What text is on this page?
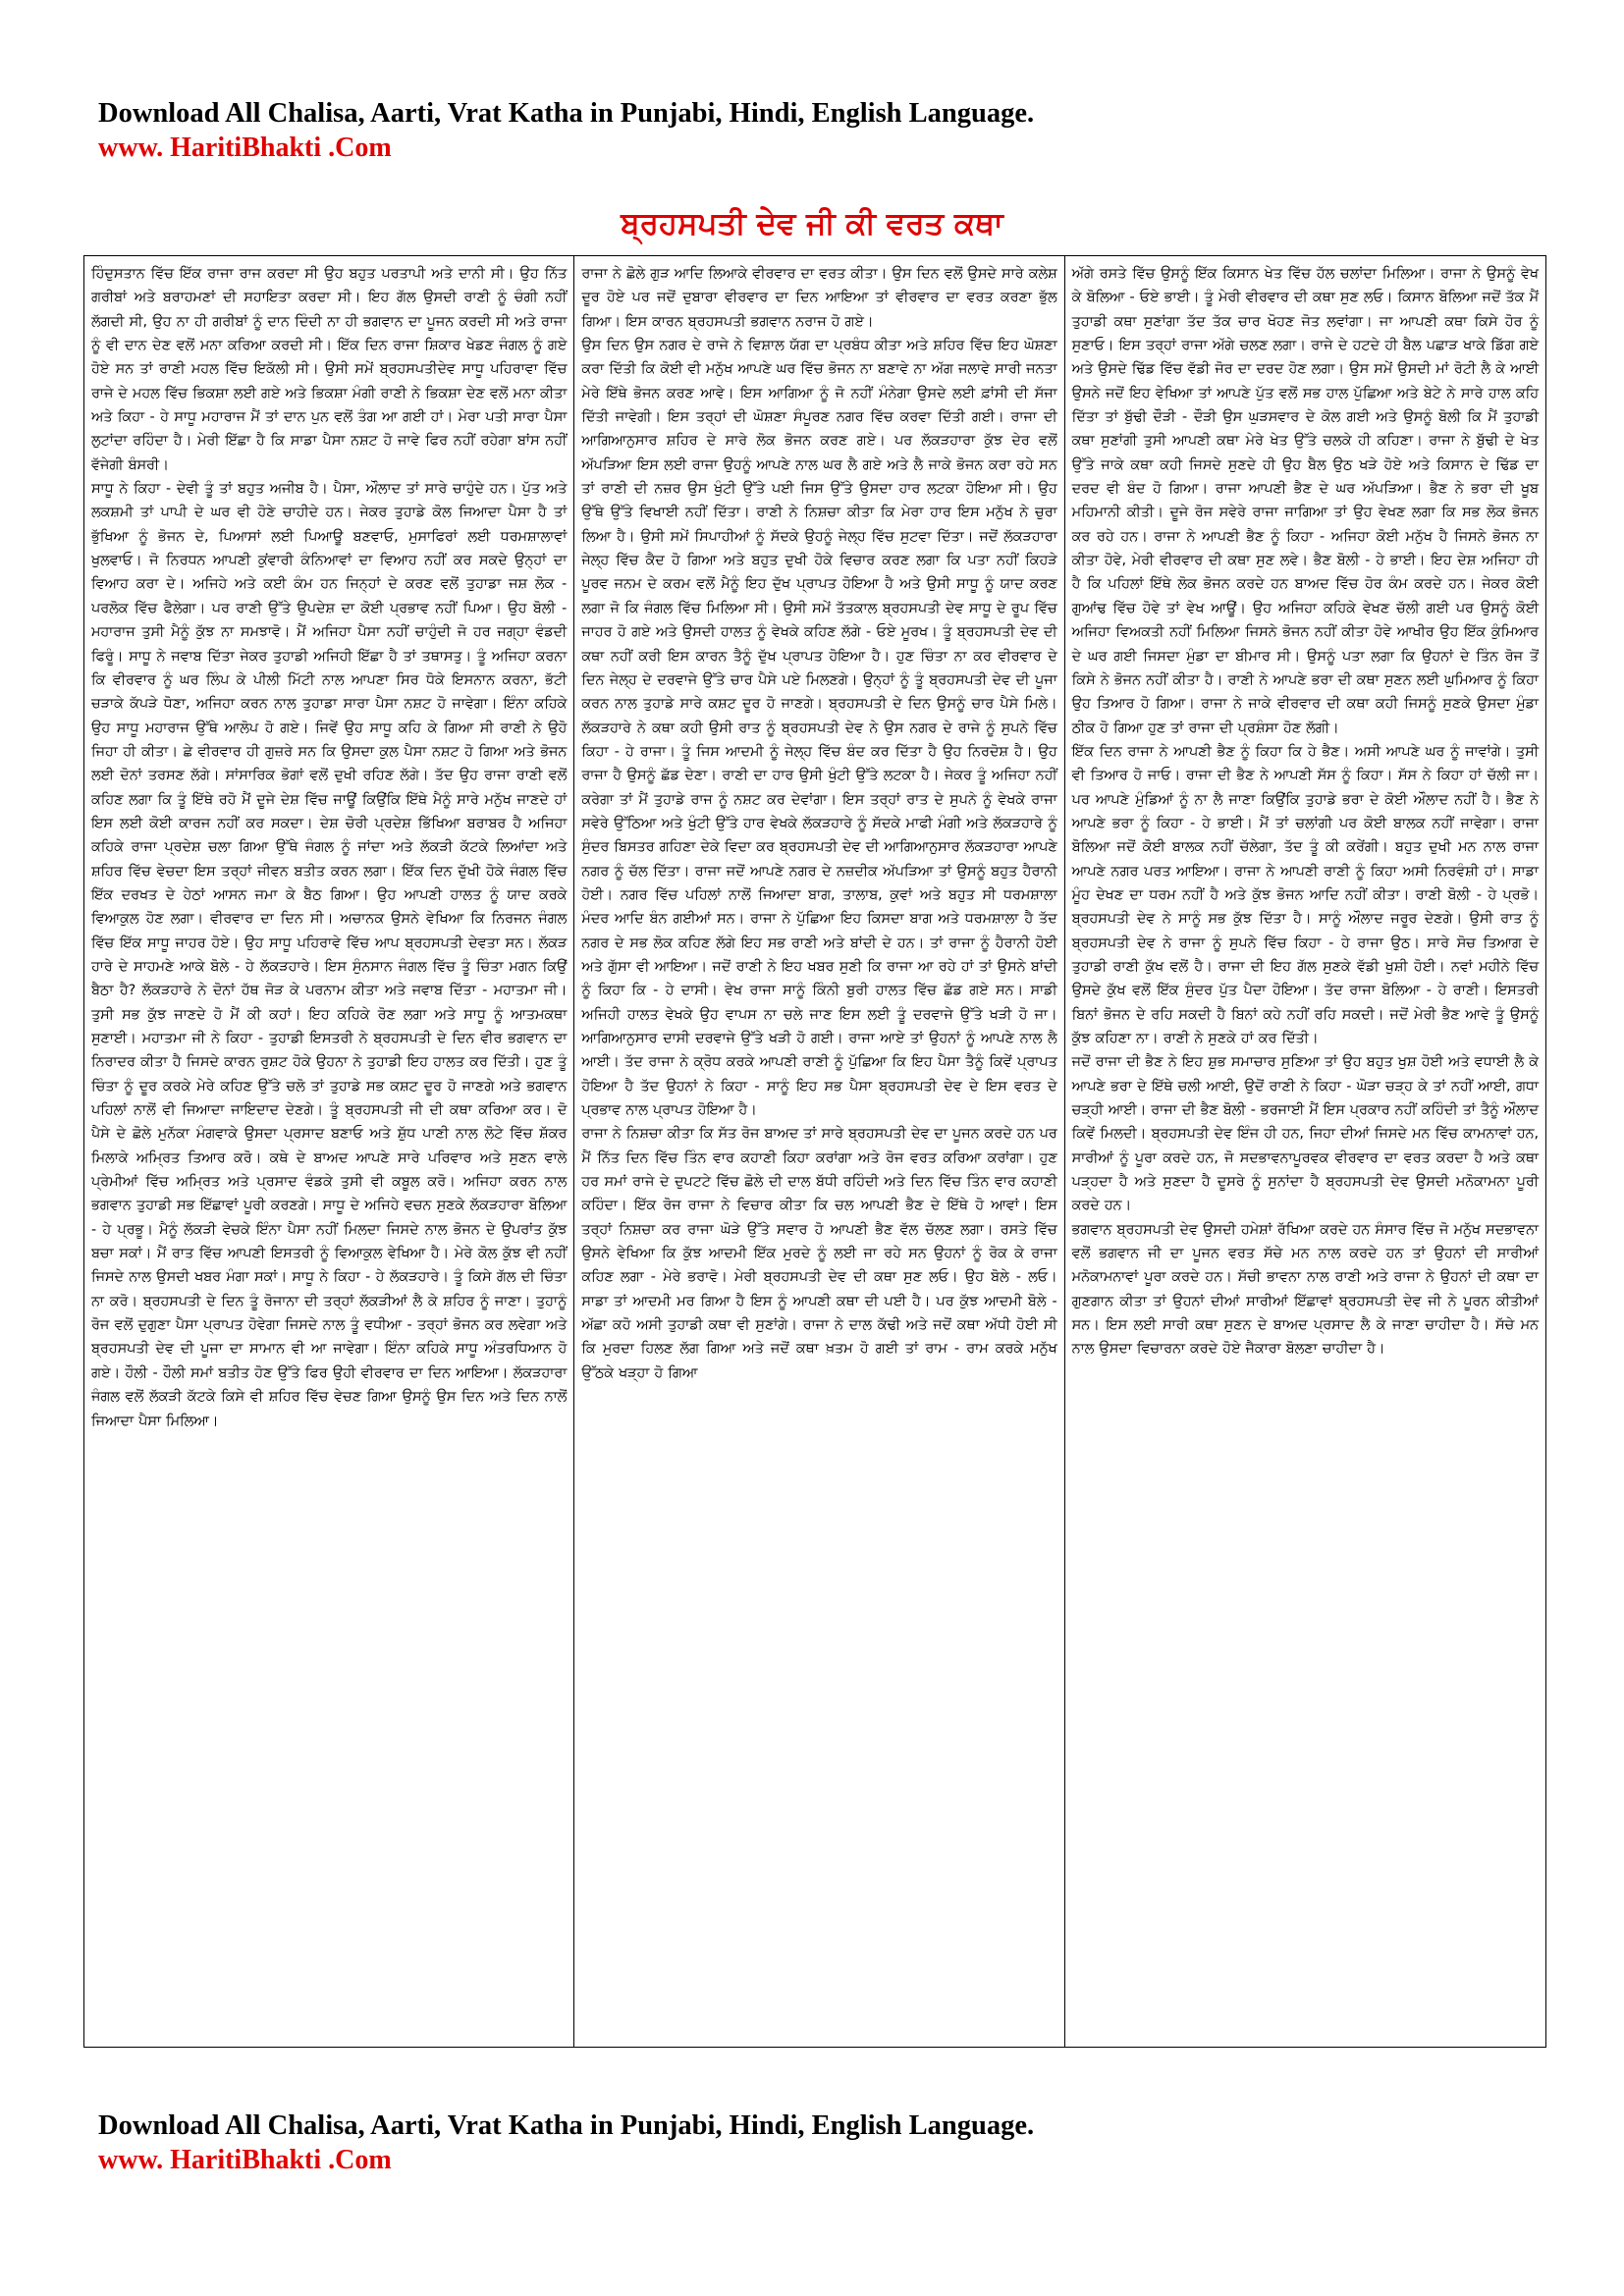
Download All Chalisa, Aarti, Vrat Katha in Punjabi, Hindi, English Language.
www. HaritiBhakti .Com
ਬ੍ਰਹਸਪਤੀ ਦੇਵ ਜੀ ਕੀ ਵਰਤ ਕਥਾ

ਹਿੰਦੁਸਤਾਨ ਵਿੱਚ ਇੱਕ ਰਾਜਾ ਰਾਜ ਕਰਦਾ ਸੀ ਉਹ ਬਹੁਤ ਪਰਤਾਪੀ ਅਤੇ ਦਾਨੀ ਸੀ। ਉਹ ਨਿੱਤ ਗਰੀਬਾਂ ਅਤੇ ਬਰਾਹਮਣਾਂ ਦੀ ਸਹਾਇਤਾ ਕਰਦਾ ਸੀ। ਇਹ ਗੱਲ ਉਸਦੀ ਰਾਣੀ ਨੂੰ ਚੰਗੀ ਨਹੀਂ ਲੱਗਦੀ ਸੀ, ਉਹ ਨਾ ਹੀ ਗਰੀਬਾਂ ਨੂੰ ਦਾਨ ਦਿੰਦੀ ਨਾ ਹੀ ਭਗਵਾਨ ਦਾ ਪੂਜਨ ਕਰਦੀ ਸੀ ਅਤੇ ਰਾਜਾ ਨੂੰ ਵੀ ਦਾਨ ਦੇਣ ਵਲੋਂ ਮਨਾ ਕਰਿਆ ਕਰਦੀ ਸੀ। ਇੱਕ ਦਿਨ ਰਾਜਾ ਸ਼ਿਕਾਰ ਖੇਡਣ ਜੰਗਲ ਨੂੰ ਗਏ ਹੋਏ ਸਨ ਤਾਂ ਰਾਣੀ ਮਹਲ ਵਿੱਚ ਇਕੱਲੀ ਸੀ। ਉਸੀ ਸਮੇਂ ਬ੍ਰਹਸਪਤੀਦੇਵ ਸਾਧੂ ਪਹਿਰਾਵਾ ਵਿੱਚ ਰਾਜੇ ਦੇ ਮਹਲ ਵਿੱਚ ਭਿਕਸ਼ਾ ਲਈ ਗਏ ਅਤੇ ਭਿਕਸ਼ਾ ਮੰਗੀ ਰਾਣੀ ਨੇ ਭਿਕਸ਼ਾ ਦੇਣ ਵਲੋਂ ਮਨਾ ਕੀਤਾ ਅਤੇ ਕਿਹਾ - ਹੇ ਸਾਧੂ ਮਹਾਰਾਜ ਮੈਂ ਤਾਂ ਦਾਨ ਪੁਨ ਵਲੋਂ ਤੰਗ ਆ ਗਈ ਹਾਂ। ਮੇਰਾ ਪਤੀ ਸਾਰਾ ਪੈਸਾ ਲੁਟਾਂਦਾ ਰਹਿੰਦਾ ਹੈ। ਮੇਰੀ ਇੱਛਾ ਹੈ ਕਿ ਸਾਡਾ ਪੈਸਾ ਨਸ਼ਟ ਹੋ ਜਾਵੇ ਫਿਰ ਨਹੀਂ ਰਹੇਗਾ ਬਾਂਸ ਨਹੀਂ ਵੱਜੇਗੀ ਬੰਸਰੀ।

ਸਾਧੂ ਨੇ ਕਿਹਾ - ਦੇਵੀ ਤੂੰ ਤਾਂ ਬਹੁਤ ਅਜੀਬ ਹੈ। ਪੈਸਾ, ਔਲਾਦ ਤਾਂ ਸਾਰੇ ਚਾਹੁੰਦੇ ਹਨ। ਪੁੱਤ ਅਤੇ ਲਕਸ਼ਮੀ ਤਾਂ ਪਾਪੀ ਦੇ ਘਰ ਵੀ ਹੋਣੇ ਚਾਹੀਦੇ ਹਨ। ਜੇਕਰ ਤੁਹਾਡੇ ਕੋਲ ਜਿਆਦਾ ਪੈਸਾ ਹੈ ਤਾਂ ਭੁੱਖਿਆ ਨੂੰ ਭੋਜਨ ਦੇ, ਪਿਆਸਾਂ ਲਈ ਪਿਆਊ ਬਣਵਾਓ, ਮੁਸਾਫਿਰਾਂ ਲਈ ਧਰਮਸ਼ਾਲਾਵਾਂ ਖੁਲਵਾਓ। ਜੋ ਨਿਰਧਨ ਆਪਣੀ ਕੁਂਵਾਰੀ ਕੰਨਿਆਵਾਂ ਦਾ ਵਿਆਹ ਨਹੀਂ ਕਰ ਸਕਦੇ ਉਨ੍ਹਾਂ ਦਾ ਵਿਆਹ ਕਰਾ ਦੇ। ਅਜਿਹੇ ਅਤੇ ਕਈ ਕੰਮ ਹਨ ਜਿਨ੍ਹਾਂ ਦੇ ਕਰਣ ਵਲੋਂ ਤੁਹਾਡਾ ਜਸ਼ ਲੋਕ - ਪਰਲੋਕ ਵਿੱਚ ਫੈਲੇਗਾ। ਪਰ ਰਾਣੀ ਉੱਤੇ ਉਪਦੇਸ਼ ਦਾ ਕੋਈ ਪ੍ਰਭਾਵ ਨਹੀਂ ਪਿਆ। ਉਹ ਬੋਲੀ - ਮਹਾਰਾਜ ਤੁਸੀ ਮੈਨੂੰ ਕੁੱਝ ਨਾ ਸਮਝਾਵੋ। ਮੈਂ ਅਜਿਹਾ ਪੈਸਾ ਨਹੀਂ ਚਾਹੁੰਦੀ ਜੋ ਹਰ ਜਗ੍ਹਾ ਵੰਡਦੀ ਫਿਰੂੰ। ਸਾਧੂ ਨੇ ਜਵਾਬ ਦਿੱਤਾ ਜੇਕਰ ਤੁਹਾਡੀ ਅਜਿਹੀ ਇੱਛਾ ਹੈ ਤਾਂ ਤਥਾਸਤੁ। ਤੂੰ ਅਜਿਹਾ ਕਰਨਾ ਕਿ ਵੀਰਵਾਰ ਨੂੰ ਘਰ ਲਿੰਪ ਕੇ ਪੀਲੀ ਮਿੱਟੀ ਨਾਲ ਆਪਣਾ ਸਿਰ ਧੋਕੇ ਇਸਨਾਨ ਕਰਨਾ, ਭੱਟੀ ਚੜਾਕੇ ਕੱਪੜੇ ਧੋਣਾ, ਅਜਿਹਾ ਕਰਨ ਨਾਲ ਤੁਹਾਡਾ ਸਾਰਾ ਪੈਸਾ ਨਸ਼ਟ ਹੋ ਜਾਵੇਗਾ। ਇੰਨਾ ਕਹਿਕੇ ਉਹ ਸਾਧੂ ਮਹਾਰਾਜ ਉੱਥੇ ਆਲੋਪ ਹੋ ਗਏ। ਜਿਵੇਂ ਉਹ ਸਾਧੂ ਕਹਿ ਕੇ ਗਿਆ ਸੀ ਰਾਣੀ ਨੇ ਉਹੋ ਜਿਹਾ ਹੀ ਕੀਤਾ। ਛੇ ਵੀਰਵਾਰ ਹੀ ਗੁਜ਼ਰੇ ਸਨ ਕਿ ਉਸਦਾ ਕੁਲ ਪੈਸਾ ਨਸ਼ਟ ਹੋ ਗਿਆ ਅਤੇ ਭੋਜਨ ਲਈ ਦੋਨਾਂ ਤਰਸਣ ਲੱਗੇ। ਸਾਂਸਾਰਿਕ ਭੋਗਾਂ ਵਲੋਂ ਦੁਖੀ ਰਹਿਣ ਲੱਗੇ। ਤੱਦ ਉਹ ਰਾਜਾ ਰਾਣੀ ਵਲੋਂ ਕਹਿਣ ਲਗਾ ਕਿ ਤੂੰ ਇੱਥੇ ਰਹੋ ਮੈਂ ਦੂਜੇ ਦੇਸ਼ ਵਿੱਚ ਜਾਊਂ ਕਿਉਂਕਿ ਇੱਥੇ ਮੈਨੂੰ ਸਾਰੇ ਮਨੁੱਖ ਜਾਣਦੇ ਹਾਂ ਇਸ ਲਈ ਕੋਈ ਕਾਰਜ ਨਹੀਂ ਕਰ ਸਕਦਾ। ਦੇਸ਼ ਚੋਰੀ ਪ੍ਰਦੇਸ਼ ਭਿੱਖਿਆ ਬਰਾਬਰ ਹੈ ਅਜਿਹਾ ਕਹਿਕੇ ਰਾਜਾ ਪ੍ਰਦੇਸ਼ ਚਲਾ ਗਿਆ ਉੱਥੇ ਜੰਗਲ ਨੂੰ ਜਾਂਦਾ ਅਤੇ ਲੱਕੜੀ ਕੱਟਕੇ ਲਿਆਂਦਾ ਅਤੇ ਸ਼ਹਿਰ ਵਿੱਚ ਵੇਚਦਾ ਇਸ ਤਰ੍ਹਾਂ ਜੀਵਨ ਬਤੀਤ ਕਰਨ ਲਗਾ। ਇੱਕ ਦਿਨ ਦੁੱਖੀ ਹੋਕੇ ਜੰਗਲ ਵਿੱਚ ਇੱਕ ਦਰਖਤ ਦੇ ਹੇਠਾਂ ਆਸਨ ਜਮਾ ਕੇ ਬੈਠ ਗਿਆ। ਉਹ ਆਪਣੀ ਹਾਲਤ ਨੂੰ ਯਾਦ ਕਰਕੇ ਵਿਆਕੁਲ ਹੋਣ ਲਗਾ। ਵੀਰਵਾਰ ਦਾ ਦਿਨ ਸੀ। ਅਚਾਨਕ ਉਸਨੇ ਵੇਖਿਆ ਕਿ ਨਿਰਜਨ ਜੰਗਲ ਵਿੱਚ ਇੱਕ ਸਾਧੂ ਜਾਹਰ ਹੋਏ। ਉਹ ਸਾਧੂ ਪਹਿਰਾਵੇ ਵਿੱਚ ਆਪ ਬ੍ਰਹਸਪਤੀ ਦੇਵਤਾ ਸਨ। ਲੱਕੜ ਹਾਰੇ ਦੇ ਸਾਹਮਣੇ ਆਕੇ ਬੋਲੇ - ਹੇ ਲੱਕੜਹਾਰੇ। ਇਸ ਸੁੰਨਸਾਨ ਜੰਗਲ ਵਿੱਚ ਤੂੰ ਚਿੰਤਾ ਮਗਨ ਕਿਉਂ ਬੈਠਾ ਹੈ? ਲੱਕੜਹਾਰੇ ਨੇ ਦੋਨਾਂ ਹੱਥ ਜੋੜ ਕੇ ਪਰਨਾਮ ਕੀਤਾ ਅਤੇ ਜਵਾਬ ਦਿੱਤਾ - ਮਹਾਤਮਾ ਜੀ। ਤੁਸੀ ਸਭ ਕੁੱਝ ਜਾਣਦੇ ਹੋ ਮੈਂ ਕੀ ਕਹਾਂ। ਇਹ ਕਹਿਕੇ ਰੋਣ ਲਗਾ ਅਤੇ ਸਾਧੂ ਨੂੰ ਆਤਮਕਥਾ ਸੁਣਾਈ। ਮਹਾਤਮਾ ਜੀ ਨੇ ਕਿਹਾ - ਤੁਹਾਡੀ ਇਸਤਰੀ ਨੇ ਬ੍ਰਹਸਪਤੀ ਦੇ ਦਿਨ ਵੀਰ ਭਗਵਾਨ ਦਾ ਨਿਰਾਦਰ ਕੀਤਾ ਹੈ ਜਿਸਦੇ ਕਾਰਨ ਰੁਸ਼ਟ ਹੋਕੇ ਉਹਨਾ ਨੇ ਤੁਹਾਡੀ ਇਹ ਹਾਲਤ ਕਰ ਦਿੱਤੀ। ਹੁਣ ਤੂੰ ਚਿੰਤਾ ਨੂੰ ਦੂਰ ਕਰਕੇ ਮੇਰੇ ਕਹਿਣ ਉੱਤੇ ਚਲੋ ਤਾਂ ਤੁਹਾਡੇ ਸਭ ਕਸ਼ਟ ਦੂਰ ਹੋ ਜਾਣਗੇ ਅਤੇ ਭਗਵਾਨ ਪਹਿਲਾਂ ਨਾਲੋਂ ਵੀ ਜਿਆਦਾ ਜਾਇਦਾਦ ਦੇਣਗੇ। ਤੂੰ ਬ੍ਰਹਸਪਤੀ ਜੀ ਦੀ ਕਥਾ ਕਰਿਆ ਕਰ। ਦੋ ਪੈਸੇ ਦੇ ਛੋਲੇ ਮੁਨੱਕਾ ਮੰਗਵਾਕੇ ਉਸਦਾ ਪ੍ਰਸਾਦ ਬਣਾਓ ਅਤੇ ਸ਼ੁੱਧ ਪਾਣੀ ਨਾਲ ਲੋਟੇ ਵਿੱਚ ਸ਼ੱਕਰ ਮਿਲਾਕੇ ਅਮ੍ਰਿਤ ਤਿਆਰ ਕਰੋ। ਕਥੇ ਦੇ ਬਾਅਦ ਆਪਣੇ ਸਾਰੇ ਪਰਿਵਾਰ ਅਤੇ ਸੁਣਨ ਵਾਲੇ ਪ੍ਰੇਮੀਆਂ ਵਿੱਚ ਅਮ੍ਰਿਤ ਅਤੇ ਪ੍ਰਸਾਦ ਵੰਡਕੇ ਤੁਸੀ ਵੀ ਕਬੂਲ ਕਰੋ। ਅਜਿਹਾ ਕਰਨ ਨਾਲ ਭਗਵਾਨ ਤੁਹਾਡੀ ਸਭ ਇੱਛਾਵਾਂ ਪੂਰੀ ਕਰਣਗੇ। ਸਾਧੂ ਦੇ ਅਜਿਹੇ ਵਚਨ ਸੁਣਕੇ ਲੱਕੜਹਾਰਾ ਬੋਲਿਆ - ਹੇ ਪ੍ਰਭੂ। ਮੈਨੂੰ ਲੱਕੜੀ ਵੇਚਕੇ ਇੰਨਾ ਪੈਸਾ ਨਹੀਂ ਮਿਲਦਾ ਜਿਸਦੇ ਨਾਲ ਭੋਜਨ ਦੇ ਉਪਰਾਂਤ ਕੁੱਝ ਬਚਾ ਸਕਾਂ। ਮੈਂ ਰਾਤ ਵਿੱਚ ਆਪਣੀ ਇਸਤਰੀ ਨੂੰ ਵਿਆਕੁਲ ਵੇਖਿਆ ਹੈ। ਮੇਰੇ ਕੋਲ ਕੁੱਝ ਵੀ ਨਹੀਂ ਜਿਸਦੇ ਨਾਲ ਉਸਦੀ ਖਬਰ ਮੰਗਾ ਸਕਾਂ। ਸਾਧੂ ਨੇ ਕਿਹਾ - ਹੇ ਲੱਕੜਹਾਰੇ। ਤੂੰ ਕਿਸੇ ਗੱਲ ਦੀ ਚਿੰਤਾ ਨਾ ਕਰੋ। ਬ੍ਰਹਸਪਤੀ ਦੇ ਦਿਨ ਤੂੰ ਰੋਜਾਨਾ ਦੀ ਤਰ੍ਹਾਂ ਲੱਕੜੀਆਂ ਲੈ ਕੇ ਸ਼ਹਿਰ ਨੂੰ ਜਾਣਾ। ਤੁਹਾਨੂੰ ਰੋਜ ਵਲੋਂ ਦੁਗੁਣਾ ਪੈਸਾ ਪ੍ਰਾਪਤ ਹੋਵੇਗਾ ਜਿਸਦੇ ਨਾਲ ਤੂੰ ਵਧੀਆ - ਤਰ੍ਹਾਂ ਭੋਜਨ ਕਰ ਲਵੇਗਾ ਅਤੇ ਬ੍ਰਹਸਪਤੀ ਦੇਵ ਦੀ ਪੂਜਾ ਦਾ ਸਾਮਾਨ ਵੀ ਆ ਜਾਵੇਗਾ। ਇੰਨਾ ਕਹਿਕੇ ਸਾਧੂ ਅੰਤਰਧਿਆਨ ਹੋ ਗਏ। ਹੌਲੀ - ਹੌਲੀ ਸਮਾਂ ਬਤੀਤ ਹੋਣ ਉੱਤੇ ਫਿਰ ਉਹੀ ਵੀਰਵਾਰ ਦਾ ਦਿਨ ਆਇਆ। ਲੱਕੜਹਾਰਾ ਜੰਗਲ ਵਲੋਂ ਲੱਕੜੀ ਕੱਟਕੇ ਕਿਸੇ ਵੀ ਸ਼ਹਿਰ ਵਿੱਚ ਵੇਚਣ ਗਿਆ ਉਸਨੂੰ ਉਸ ਦਿਨ ਅਤੇ ਦਿਨ ਨਾਲੋਂ ਜਿਆਦਾ ਪੈਸਾ ਮਿਲਿਆ।

ਰਾਜਾ ਨੇ ਛੋਲੇ ਗੁੜ ਆਦਿ ਲਿਆਕੇ ਵੀਰਵਾਰ ਦਾ ਵਰਤ ਕੀਤਾ। ਉਸ ਦਿਨ ਵਲੋਂ ਉਸਦੇ ਸਾਰੇ ਕਲੇਸ਼ ਦੂਰ ਹੋਏ ਪਰ ਜਦੋਂ ਦੁਬਾਰਾ ਵੀਰਵਾਰ ਦਾ ਦਿਨ ਆਇਆ ਤਾਂ ਵੀਰਵਾਰ ਦਾ ਵਰਤ ਕਰਣਾ ਭੁੱਲ ਗਿਆ। ਇਸ ਕਾਰਨ ਬ੍ਰਹਸਪਤੀ ਭਗਵਾਨ ਨਰਾਜ ਹੋ ਗਏ।

ਉਸ ਦਿਨ ਉਸ ਨਗਰ ਦੇ ਰਾਜੇ ਨੇ ਵਿਸ਼ਾਲ ਯੱਗ ਦਾ ਪ੍ਰਬੰਧ ਕੀਤਾ ਅਤੇ ਸ਼ਹਿਰ ਵਿੱਚ ਇਹ ਘੋਸ਼ਣਾ ਕਰਾ ਦਿੱਤੀ ਕਿ ਕੋਈ ਵੀ ਮਨੁੱਖ ਆਪਣੇ ਘਰ ਵਿੱਚ ਭੋਜਨ ਨਾ ਬਣਾਵੇ ਨਾ ਅੱਗ ਜਲਾਵੇ ਸਾਰੀ ਜਨਤਾ ਮੇਰੇ ਇੱਥੇ ਭੋਜਨ ਕਰਣ ਆਵੇ। ਇਸ ਆਗਿਆ ਨੂੰ ਜੋ ਨਹੀਂ ਮੰਨੇਗਾ ਉਸਦੇ ਲਈ ਫ਼ਾਂਸੀ ਦੀ ਸੱਜਾ ਦਿੱਤੀ ਜਾਵੇਗੀ। ਇਸ ਤਰ੍ਹਾਂ ਦੀ ਘੋਸ਼ਣਾ ਸੰਪੂਰਣ ਨਗਰ ਵਿੱਚ ਕਰਵਾ ਦਿੱਤੀ ਗਈ। ਰਾਜਾ ਦੀ ਆਗਿਆਨੁਸਾਰ ਸ਼ਹਿਰ ਦੇ ਸਾਰੇ ਲੋਕ ਭੋਜਨ ਕਰਣ ਗਏ। ਪਰ ਲੱਕੜਹਾਰਾ ਕੁੱਝ ਦੇਰ ਵਲੋਂ ਅੱਪੜਿਆ ਇਸ ਲਈ ਰਾਜਾ ਉਹਨੂੰ ਆਪਣੇ ਨਾਲ ਘਰ ਲੈ ਗਏ ਅਤੇ ਲੈ ਜਾਕੇ ਭੋਜਨ ਕਰਾ ਰਹੇ ਸਨ ਤਾਂ ਰਾਣੀ ਦੀ ਨਜ਼ਰ ਉਸ ਖੁੰਟੀ ਉੱਤੇ ਪਈ ਜਿਸ ਉੱਤੇ ਉਸਦਾ ਹਾਰ ਲਟਕਾ ਹੋਇਆ ਸੀ। ਉਹ ਉੱਥੇ ਉੱਤੇ ਵਿਖਾਈ ਨਹੀਂ ਦਿੱਤਾ। ਰਾਣੀ ਨੇ ਨਿਸ਼ਚਾ ਕੀਤਾ ਕਿ ਮੇਰਾ ਹਾਰ ਇਸ ਮਨੁੱਖ ਨੇ ਚੁਰਾ ਲਿਆ ਹੈ। ਉਸੀ ਸਮੇਂ ਸਿਪਾਹੀਆਂ ਨੂੰ ਸੱਦਕੇ ਉਹਨੂੰ ਜੇਲ੍ਹ ਵਿੱਚ ਸੁਟਵਾ ਦਿੱਤਾ। ਜਦੋਂ ਲੱਕੜਹਾਰਾ ਜੇਲ੍ਹ ਵਿੱਚ ਕੈਦ ਹੋ ਗਿਆ ਅਤੇ ਬਹੁਤ ਦੁਖੀ ਹੋਕੇ ਵਿਚਾਰ ਕਰਣ ਲਗਾ ਕਿ ਪਤਾ ਨਹੀਂ ਕਿਹੜੇ ਪੂਰਵ ਜਨਮ ਦੇ ਕਰਮ ਵਲੋਂ ਮੈਨੂੰ ਇਹ ਦੁੱਖ ਪ੍ਰਾਪਤ ਹੋਇਆ ਹੈ ਅਤੇ ਉਸੀ ਸਾਧੂ ਨੂੰ ਯਾਦ ਕਰਣ ਲਗਾ ਜੋ ਕਿ ਜੰਗਲ ਵਿੱਚ ਮਿਲਿਆ ਸੀ। ਉਸੀ ਸਮੇਂ ਤੱਤਕਾਲ ਬ੍ਰਹਸਪਤੀ ਦੇਵ ਸਾਧੂ ਦੇ ਰੂਪ ਵਿੱਚ ਜਾਹਰ ਹੋ ਗਏ ਅਤੇ ਉਸਦੀ ਹਾਲਤ ਨੂੰ ਵੇਖਕੇ ਕਹਿਣ ਲੱਗੇ - ਓਏ ਮੂਰਖ। ਤੂੰ ਬ੍ਰਹਸਪਤੀ ਦੇਵ ਦੀ ਕਥਾ ਨਹੀਂ ਕਰੀ ਇਸ ਕਾਰਨ ਤੈਨੂੰ ਦੁੱਖ ਪ੍ਰਾਪਤ ਹੋਇਆ ਹੈ। ਹੁਣ ਚਿੰਤਾ ਨਾ ਕਰ ਵੀਰਵਾਰ ਦੇ ਦਿਨ ਜੇਲ੍ਹ ਦੇ ਦਰਵਾਜੇ ਉੱਤੇ ਚਾਰ ਪੈਸੇ ਪਏ ਮਿਲਣਗੇ। ਉਨ੍ਹਾਂ ਨੂੰ ਤੂੰ ਬ੍ਰਹਸਪਤੀ ਦੇਵ ਦੀ ਪੂਜਾ ਕਰਨ ਨਾਲ ਤੁਹਾਡੇ ਸਾਰੇ ਕਸ਼ਟ ਦੂਰ ਹੋ ਜਾਣਗੇ। ਬ੍ਰਹਸਪਤੀ ਦੇ ਦਿਨ ਉਸਨੂੰ ਚਾਰ ਪੈਸੇ ਮਿਲੇ। ਲੱਕੜਹਾਰੇ ਨੇ ਕਥਾ ਕਹੀ ਉਸੀ ਰਾਤ ਨੂੰ ਬ੍ਰਹਸਪਤੀ ਦੇਵ ਨੇ ਉਸ ਨਗਰ ਦੇ ਰਾਜੇ ਨੂੰ ਸੁਪਨੇ ਵਿੱਚ ਕਿਹਾ - ਹੇ ਰਾਜਾ। ਤੂੰ ਜਿਸ ਆਦਮੀ ਨੂੰ ਜੇਲ੍ਹ ਵਿੱਚ ਬੰਦ ਕਰ ਦਿੱਤਾ ਹੈ ਉਹ ਨਿਰਦੋਸ਼ ਹੈ। ਉਹ ਰਾਜਾ ਹੈ ਉਸਨੂੰ ਛੱਡ ਦੇਣਾ। ਰਾਣੀ ਦਾ ਹਾਰ ਉਸੀ ਖੁੰਟੀ ਉੱਤੇ ਲਟਕਾ ਹੈ। ਜੇਕਰ ਤੂੰ ਅਜਿਹਾ ਨਹੀਂ ਕਰੇਗਾ ਤਾਂ ਮੈਂ ਤੁਹਾਡੇ ਰਾਜ ਨੂੰ ਨਸ਼ਟ ਕਰ ਦੇਵਾਂਗਾ। ਇਸ ਤਰ੍ਹਾਂ ਰਾਤ ਦੇ ਸੁਪਨੇ ਨੂੰ ਵੇਖਕੇ ਰਾਜਾ ਸਵੇਰੇ ਉੱਠਿਆ ਅਤੇ ਖੁੰਟੀ ਉੱਤੇ ਹਾਰ ਵੇਖਕੇ ਲੱਕੜਹਾਰੇ ਨੂੰ ਸੱਦਕੇ ਮਾਫੀ ਮੰਗੀ ਅਤੇ ਲੱਕੜਹਾਰੇ ਨੂੰ ਸੁੰਦਰ ਬਿਸਤਰ ਗਹਿਣਾ ਦੇਕੇ ਵਿਦਾ ਕਰ ਬ੍ਰਹਸਪਤੀ ਦੇਵ ਦੀ ਆਗਿਆਨੁਸਾਰ ਲੱਕੜਹਾਰਾ ਆਪਣੇ ਨਗਰ ਨੂੰ ਚੱਲ ਦਿੱਤਾ। ਰਾਜਾ ਜਦੋਂ ਆਪਣੇ ਨਗਰ ਦੇ ਨਜ਼ਦੀਕ ਅੱਪੜਿਆ ਤਾਂ ਉਸਨੂੰ ਬਹੁਤ ਹੈਰਾਨੀ ਹੋਈ। ਨਗਰ ਵਿੱਚ ਪਹਿਲਾਂ ਨਾਲੋਂ ਜਿਆਦਾ ਬਾਗ, ਤਾਲਾਬ, ਕੁਵਾਂ ਅਤੇ ਬਹੁਤ ਸੀ ਧਰਮਸ਼ਾਲਾ ਮੰਦਰ ਆਦਿ ਬੰਨ ਗਈਆਂ ਸਨ। ਰਾਜਾ ਨੇ ਪੁੱਛਿਆ ਇਹ ਕਿਸਦਾ ਬਾਗ ਅਤੇ ਧਰਮਸ਼ਾਲਾ ਹੈ ਤੱਦ ਨਗਰ ਦੇ ਸਭ ਲੋਕ ਕਹਿਣ ਲੱਗੇ ਇਹ ਸਭ ਰਾਣੀ ਅਤੇ ਬਾਂਦੀ ਦੇ ਹਨ। ਤਾਂ ਰਾਜਾ ਨੂੰ ਹੈਰਾਨੀ ਹੋਈ ਅਤੇ ਗੁੱਸਾ ਵੀ ਆਇਆ। ਜਦੋਂ ਰਾਣੀ ਨੇ ਇਹ ਖਬਰ ਸੁਣੀ ਕਿ ਰਾਜਾ ਆ ਰਹੇ ਹਾਂ ਤਾਂ ਉਸਨੇ ਬਾਂਦੀ ਨੂੰ ਕਿਹਾ ਕਿ - ਹੇ ਦਾਸੀ। ਵੇਖ ਰਾਜਾ ਸਾਨੂੰ ਕਿੰਨੀ ਬੁਰੀ ਹਾਲਤ ਵਿੱਚ ਛੱਡ ਗਏ ਸਨ। ਸਾਡੀ ਅਜਿਹੀ ਹਾਲਤ ਵੇਖਕੇ ਉਹ ਵਾਪਸ ਨਾ ਚਲੇ ਜਾਣ ਇਸ ਲਈ ਤੂੰ ਦਰਵਾਜੇ ਉੱਤੇ ਖੜੀ ਹੋ ਜਾ। ਆਗਿਆਨੁਸਾਰ ਦਾਸੀ ਦਰਵਾਜੇ ਉੱਤੇ ਖੜੀ ਹੋ ਗਈ। ਰਾਜਾ ਆਏ ਤਾਂ ਉਹਨਾਂ ਨੂੰ ਆਪਣੇ ਨਾਲ ਲੈ ਆਈ। ਤੱਦ ਰਾਜਾ ਨੇ ਕ੍ਰੋਧ ਕਰਕੇ ਆਪਣੀ ਰਾਣੀ ਨੂੰ ਪੁੱਛਿਆ ਕਿ ਇਹ ਪੈਸਾ ਤੈਨੂੰ ਕਿਵੇਂ ਪ੍ਰਾਪਤ ਹੋਇਆ ਹੈ ਤੱਦ ਉਹਨਾਂ ਨੇ ਕਿਹਾ - ਸਾਨੂੰ ਇਹ ਸਭ ਪੈਸਾ ਬ੍ਰਹਸਪਤੀ ਦੇਵ ਦੇ ਇਸ ਵਰਤ ਦੇ ਪ੍ਰਭਾਵ ਨਾਲ ਪ੍ਰਾਪਤ ਹੋਇਆ ਹੈ।

ਰਾਜਾ ਨੇ ਨਿਸ਼ਚਾ ਕੀਤਾ ਕਿ ਸੱਤ ਰੋਜ ਬਾਅਦ ਤਾਂ ਸਾਰੇ ਬ੍ਰਹਸਪਤੀ ਦੇਵ ਦਾ ਪੂਜਨ ਕਰਦੇ ਹਨ ਪਰ ਮੈਂ ਨਿੱਤ ਦਿਨ ਵਿੱਚ ਤਿੰਨ ਵਾਰ ਕਹਾਣੀ ਕਿਹਾ ਕਰਾਂਗਾ ਅਤੇ ਰੋਜ ਵਰਤ ਕਰਿਆ ਕਰਾਂਗਾ। ਹੁਣ ਹਰ ਸਮਾਂ ਰਾਜੇ ਦੇ ਦੁਪਟਟੇ ਵਿੱਚ ਛੋਲੇ ਦੀ ਦਾਲ ਬੱਧੀ ਰਹਿੰਦੀ ਅਤੇ ਦਿਨ ਵਿੱਚ ਤਿੰਨ ਵਾਰ ਕਹਾਣੀ ਕਹਿੰਦਾ। ਇੱਕ ਰੋਜ ਰਾਜਾ ਨੇ ਵਿਚਾਰ ਕੀਤਾ ਕਿ ਚਲ ਆਪਣੀ ਭੈਣ ਦੇ ਇੱਥੇ ਹੋ ਆਵਾਂ। ਇਸ ਤਰ੍ਹਾਂ ਨਿਸ਼ਚਾ ਕਰ ਰਾਜਾ ਘੋੜੇ ਉੱਤੇ ਸਵਾਰ ਹੋ ਆਪਣੀ ਭੈਣ ਵੱਲ ਚੱਲਣ ਲਗਾ। ਰਸਤੇ ਵਿੱਚ ਉਸਨੇ ਵੇਖਿਆ ਕਿ ਕੁੱਝ ਆਦਮੀ ਇੱਕ ਮੁਰਦੇ ਨੂੰ ਲਈ ਜਾ ਰਹੇ ਸਨ ਉਹਨਾਂ ਨੂੰ ਰੋਕ ਕੇ ਰਾਜਾ ਕਹਿਣ ਲਗਾ - ਮੇਰੇ ਭਰਾਵੋ। ਮੇਰੀ ਬ੍ਰਹਸਪਤੀ ਦੇਵ ਦੀ ਕਥਾ ਸੁਣ ਲਓ। ਉਹ ਬੋਲੇ - ਲਓ। ਸਾਡਾ ਤਾਂ ਆਦਮੀ ਮਰ ਗਿਆ ਹੈ ਇਸ ਨੂੰ ਆਪਣੀ ਕਥਾ ਦੀ ਪਈ ਹੈ। ਪਰ ਕੁੱਝ ਆਦਮੀ ਬੋਲੇ - ਅੱਛਾ ਕਹੋ ਅਸੀ ਤੁਹਾਡੀ ਕਥਾ ਵੀ ਸੁਣਾਂਗੇ। ਰਾਜਾ ਨੇ ਦਾਲ ਕੱਢੀ ਅਤੇ ਜਦੋਂ ਕਥਾ ਅੱਧੀ ਹੋਈ ਸੀ ਕਿ ਮੁਰਦਾ ਹਿਲਣ ਲੱਗ ਗਿਆ ਅਤੇ ਜਦੋਂ ਕਥਾ ਖ਼ਤਮ ਹੋ ਗਈ ਤਾਂ ਰਾਮ - ਰਾਮ ਕਰਕੇ ਮਨੁੱਖ ਉੱਠਕੇ ਖੜ੍ਹਾ ਹੋ ਗਿਆ

ਅੱਗੇ ਰਸਤੇ ਵਿੱਚ ਉਸਨੂੰ ਇੱਕ ਕਿਸਾਨ ਖੇਤ ਵਿੱਚ ਹੱਲ ਚਲਾਂਦਾ ਮਿਲਿਆ। ਰਾਜਾ ਨੇ ਉਸਨੂੰ ਵੇਖ ਕੇ ਬੋਲਿਆ - ਓਏ ਭਾਈ। ਤੂੰ ਮੇਰੀ ਵੀਰਵਾਰ ਦੀ ਕਥਾ ਸੁਣ ਲਓ। ਕਿਸਾਨ ਬੋਲਿਆ ਜਦੋਂ ਤੱਕ ਮੈਂ ਤੁਹਾਡੀ ਕਥਾ ਸੁਣਾਂਗਾ ਤੱਦ ਤੱਕ ਚਾਰ ਖੋਹਣ ਜੋਤ ਲਵਾਂਗਾ। ਜਾ ਆਪਣੀ ਕਥਾ ਕਿਸੇ ਹੋਰ ਨੂੰ ਸੁਣਾਓ। ਇਸ ਤਰ੍ਹਾਂ ਰਾਜਾ ਅੱਗੇ ਚਲਣ ਲਗਾ। ਰਾਜੇ ਦੇ ਹਟਦੇ ਹੀ ਬੈਲ ਪਛਾੜ ਖਾਕੇ ਡਿੱਗ ਗਏ ਅਤੇ ਉਸਦੇ ਢਿੱਡ ਵਿੱਚ ਵੱਡੀ ਜੋਰ ਦਾ ਦਰਦ ਹੋਣ ਲਗਾ। ਉਸ ਸਮੇਂ ਉਸਦੀ ਮਾਂ ਰੋਟੀ ਲੈ ਕੇ ਆਈ ਉਸਨੇ ਜਦੋਂ ਇਹ ਵੇਖਿਆ ਤਾਂ ਆਪਣੇ ਪੁੱਤ ਵਲੋਂ ਸਭ ਹਾਲ ਪੁੱਛਿਆ ਅਤੇ ਬੇਟੇ ਨੇ ਸਾਰੇ ਹਾਲ ਕਹਿ ਦਿੱਤਾ ਤਾਂ ਬੁੱਢੀ ਦੌੜੀ - ਦੌੜੀ ਉਸ ਘੁੜਸਵਾਰ ਦੇ ਕੋਲ ਗਈ ਅਤੇ ਉਸਨੂੰ ਬੋਲੀ ਕਿ ਮੈਂ ਤੁਹਾਡੀ ਕਥਾ ਸੁਣਾਂਗੀ ਤੁਸੀ ਆਪਣੀ ਕਥਾ ਮੇਰੇ ਖੇਤ ਉੱਤੇ ਚਲਕੇ ਹੀ ਕਹਿਣਾ। ਰਾਜਾ ਨੇ ਬੁੱਢੀ ਦੇ ਖੇਤ ਉੱਤੇ ਜਾਕੇ ਕਥਾ ਕਹੀ ਜਿਸਦੇ ਸੁਣਦੇ ਹੀ ਉਹ ਬੈਲ ਉਠ ਖੜੇ ਹੋਏ ਅਤੇ ਕਿਸਾਨ ਦੇ ਢਿੱਡ ਦਾ ਦਰਦ ਵੀ ਬੰਦ ਹੋ ਗਿਆ। ਰਾਜਾ ਆਪਣੀ ਭੈਣ ਦੇ ਘਰ ਅੱਪੜਿਆ। ਭੈਣ ਨੇ ਭਰਾ ਦੀ ਖੂਬ ਮਹਿਮਾਨੀ ਕੀਤੀ। ਦੂਜੇ ਰੋਜ ਸਵੇਰੇ ਰਾਜਾ ਜਾਗਿਆ ਤਾਂ ਉਹ ਵੇਖਣ ਲਗਾ ਕਿ ਸਭ ਲੋਕ ਭੋਜਨ ਕਰ ਰਹੇ ਹਨ। ਰਾਜਾ ਨੇ ਆਪਣੀ ਭੈਣ ਨੂੰ ਕਿਹਾ - ਅਜਿਹਾ ਕੋਈ ਮਨੁੱਖ ਹੈ ਜਿਸਨੇ ਭੋਜਨ ਨਾ ਕੀਤਾ ਹੋਵੇ, ਮੇਰੀ ਵੀਰਵਾਰ ਦੀ ਕਥਾ ਸੁਣ ਲਵੇ। ਭੈਣ ਬੋਲੀ - ਹੇ ਭਾਈ। ਇਹ ਦੇਸ਼ ਅਜਿਹਾ ਹੀ ਹੈ ਕਿ ਪਹਿਲਾਂ ਇੱਥੇ ਲੋਕ ਭੋਜਨ ਕਰਦੇ ਹਨ ਬਾਅਦ ਵਿੱਚ ਹੋਰ ਕੰਮ ਕਰਦੇ ਹਨ। ਜੇਕਰ ਕੋਈ ਗੁਆਂਢ ਵਿੱਚ ਹੋਵੇ ਤਾਂ ਵੇਖ ਆਊਂ। ਉਹ ਅਜਿਹਾ ਕਹਿਕੇ ਵੇਖਣ ਚੱਲੀ ਗਈ ਪਰ ਉਸਨੂੰ ਕੋਈ ਅਜਿਹਾ ਵਿਅਕਤੀ ਨਹੀਂ ਮਿਲਿਆ ਜਿਸਨੇ ਭੋਜਨ ਨਹੀਂ ਕੀਤਾ ਹੋਵੇ ਆਖੀਰ ਉਹ ਇੱਕ ਕੁੰਮਿਆਰ ਦੇ ਘਰ ਗਈ ਜਿਸਦਾ ਮੁੰਡਾ ਦਾ ਬੀਮਾਰ ਸੀ। ਉਸਨੂੰ ਪਤਾ ਲਗਾ ਕਿ ਉਹਨਾਂ ਦੇ ਤਿੰਨ ਰੋਜ ਤੋਂ ਕਿਸੇ ਨੇ ਭੋਜਨ ਨਹੀਂ ਕੀਤਾ ਹੈ। ਰਾਣੀ ਨੇ ਆਪਣੇ ਭਰਾ ਦੀ ਕਥਾ ਸੁਣਨ ਲਈ ਘੁਮਿਆਰ ਨੂੰ ਕਿਹਾ ਉਹ ਤਿਆਰ ਹੋ ਗਿਆ। ਰਾਜਾ ਨੇ ਜਾਕੇ ਵੀਰਵਾਰ ਦੀ ਕਥਾ ਕਹੀ ਜਿਸਨੂੰ ਸੁਣਕੇ ਉਸਦਾ ਮੁੰਡਾ ਠੀਕ ਹੋ ਗਿਆ ਹੁਣ ਤਾਂ ਰਾਜਾ ਦੀ ਪ੍ਰਸ਼ੰਸਾ ਹੋਣ ਲੱਗੀ।

ਇੱਕ ਦਿਨ ਰਾਜਾ ਨੇ ਆਪਣੀ ਭੈਣ ਨੂੰ ਕਿਹਾ ਕਿ ਹੇ ਭੈਣ। ਅਸੀ ਆਪਣੇ ਘਰ ਨੂੰ ਜਾਵਾਂਗੇ। ਤੁਸੀ ਵੀ ਤਿਆਰ ਹੋ ਜਾਓ। ਰਾਜਾ ਦੀ ਭੈਣ ਨੇ ਆਪਣੀ ਸੱਸ ਨੂੰ ਕਿਹਾ। ਸੱਸ ਨੇ ਕਿਹਾ ਹਾਂ ਚੱਲੀ ਜਾ। ਪਰ ਆਪਣੇ ਮੁੰਡਿਆਂ ਨੂੰ ਨਾ ਲੈ ਜਾਣਾ ਕਿਉਂਕਿ ਤੁਹਾਡੇ ਭਰਾ ਦੇ ਕੋਈ ਔਲਾਦ ਨਹੀਂ ਹੈ। ਭੈਣ ਨੇ ਆਪਣੇ ਭਰਾ ਨੂੰ ਕਿਹਾ - ਹੇ ਭਾਈ। ਮੈਂ ਤਾਂ ਚਲਾਂਗੀ ਪਰ ਕੋਈ ਬਾਲਕ ਨਹੀਂ ਜਾਵੇਗਾ। ਰਾਜਾ ਬੋਲਿਆ ਜਦੋਂ ਕੋਈ ਬਾਲਕ ਨਹੀਂ ਚੱਲੇਗਾ, ਤੱਦ ਤੂੰ ਕੀ ਕਰੇਂਗੀ। ਬਹੁਤ ਦੁਖੀ ਮਨ ਨਾਲ ਰਾਜਾ ਆਪਣੇ ਨਗਰ ਪਰਤ ਆਇਆ। ਰਾਜਾ ਨੇ ਆਪਣੀ ਰਾਣੀ ਨੂੰ ਕਿਹਾ ਅਸੀ ਨਿਰਵੰਸ਼ੀ ਹਾਂ। ਸਾਡਾ ਮੂੰਹ ਦੇਖਣ ਦਾ ਧਰਮ ਨਹੀਂ ਹੈ ਅਤੇ ਕੁੱਝ ਭੋਜਨ ਆਦਿ ਨਹੀਂ ਕੀਤਾ। ਰਾਣੀ ਬੋਲੀ - ਹੇ ਪ੍ਰਭੋ। ਬ੍ਰਹਸਪਤੀ ਦੇਵ ਨੇ ਸਾਨੂੰ ਸਭ ਕੁੱਝ ਦਿੱਤਾ ਹੈ। ਸਾਨੂੰ ਔਲਾਦ ਜਰੂਰ ਦੇਣਗੇ। ਉਸੀ ਰਾਤ ਨੂੰ ਬ੍ਰਹਸਪਤੀ ਦੇਵ ਨੇ ਰਾਜਾ ਨੂੰ ਸੁਪਨੇ ਵਿੱਚ ਕਿਹਾ - ਹੇ ਰਾਜਾ ਉਠ। ਸਾਰੇ ਸੋਚ ਤਿਆਗ ਦੇ ਤੁਹਾਡੀ ਰਾਣੀ ਕੁੱਖ ਵਲੋਂ ਹੈ। ਰਾਜਾ ਦੀ ਇਹ ਗੱਲ ਸੁਣਕੇ ਵੱਡੀ ਖੁਸ਼ੀ ਹੋਈ। ਨਵਾਂ ਮਹੀਨੇ ਵਿੱਚ ਉਸਦੇ ਕੁੱਖ ਵਲੋਂ ਇੱਕ ਸੁੰਦਰ ਪੁੱਤ ਪੈਦਾ ਹੋਇਆ। ਤੱਦ ਰਾਜਾ ਬੋਲਿਆ - ਹੇ ਰਾਣੀ। ਇਸਤਰੀ ਬਿਨਾਂ ਭੋਜਨ ਦੇ ਰਹਿ ਸਕਦੀ ਹੈ ਬਿਨਾਂ ਕਹੇ ਨਹੀਂ ਰਹਿ ਸਕਦੀ। ਜਦੋਂ ਮੇਰੀ ਭੈਣ ਆਵੇ ਤੂੰ ਉਸਨੂੰ ਕੁੱਝ ਕਹਿਣਾ ਨਾ। ਰਾਣੀ ਨੇ ਸੁਣਕੇ ਹਾਂ ਕਰ ਦਿੱਤੀ।

ਜਦੋਂ ਰਾਜਾ ਦੀ ਭੈਣ ਨੇ ਇਹ ਸ਼ੁਭ ਸਮਾਚਾਰ ਸੁਣਿਆ ਤਾਂ ਉਹ ਬਹੁਤ ਖੁਸ਼ ਹੋਈ ਅਤੇ ਵਧਾਈ ਲੈ ਕੇ ਆਪਣੇ ਭਰਾ ਦੇ ਇੱਥੇ ਚਲੀ ਆਈ, ਉਦੋਂ ਰਾਣੀ ਨੇ ਕਿਹਾ - ਘੋੜਾ ਚੜ੍ਹ ਕੇ ਤਾਂ ਨਹੀਂ ਆਈ, ਗਧਾ ਚੜ੍ਹੀ ਆਈ। ਰਾਜਾ ਦੀ ਭੈਣ ਬੋਲੀ - ਭਰਜਾਈ ਮੈਂ ਇਸ ਪ੍ਰਕਾਰ ਨਹੀਂ ਕਹਿੰਦੀ ਤਾਂ ਤੈਨੂੰ ਔਲਾਦ ਕਿਵੇਂ ਮਿਲਦੀ। ਬ੍ਰਹਸਪਤੀ ਦੇਵ ਇੰਜ ਹੀ ਹਨ, ਜਿਹਾ ਦੀਆਂ ਜਿਸਦੇ ਮਨ ਵਿੱਚ ਕਾਮਨਾਵਾਂ ਹਨ, ਸਾਰੀਆਂ ਨੂੰ ਪੂਰਾ ਕਰਦੇ ਹਨ, ਜੋ ਸਦਭਾਵਨਾਪੂਰਵਕ ਵੀਰਵਾਰ ਦਾ ਵਰਤ ਕਰਦਾ ਹੈ ਅਤੇ ਕਥਾ ਪੜ੍ਹਦਾ ਹੈ ਅਤੇ ਸੁਣਦਾ ਹੈ ਦੂਸਰੇ ਨੂੰ ਸੁਨਾਂਦਾ ਹੈ ਬ੍ਰਹਸਪਤੀ ਦੇਵ ਉਸਦੀ ਮਨੋਕਾਮਨਾ ਪੂਰੀ ਕਰਦੇ ਹਨ।

ਭਗਵਾਨ ਬ੍ਰਹਸਪਤੀ ਦੇਵ ਉਸਦੀ ਹਮੇਸ਼ਾਂ ਰੱਖਿਆ ਕਰਦੇ ਹਨ ਸੰਸਾਰ ਵਿੱਚ ਜੋ ਮਨੁੱਖ ਸਦਭਾਵਨਾ ਵਲੋਂ ਭਗਵਾਨ ਜੀ ਦਾ ਪੂਜਨ ਵਰਤ ਸੱਚੇ ਮਨ ਨਾਲ ਕਰਦੇ ਹਨ ਤਾਂ ਉਹਨਾਂ ਦੀ ਸਾਰੀਆਂ ਮਨੋਕਾਮਨਾਵਾਂ ਪੂਰਾ ਕਰਦੇ ਹਨ। ਸੱਚੀ ਭਾਵਨਾ ਨਾਲ ਰਾਣੀ ਅਤੇ ਰਾਜਾ ਨੇ ਉਹਨਾਂ ਦੀ ਕਥਾ ਦਾ ਗੁਣਗਾਨ ਕੀਤਾ ਤਾਂ ਉਹਨਾਂ ਦੀਆਂ ਸਾਰੀਆਂ ਇੱਛਾਵਾਂ ਬ੍ਰਹਸਪਤੀ ਦੇਵ ਜੀ ਨੇ ਪੂਰਨ ਕੀਤੀਆਂ ਸਨ। ਇਸ ਲਈ ਸਾਰੀ ਕਥਾ ਸੁਣਨ ਦੇ ਬਾਅਦ ਪ੍ਰਸਾਦ ਲੈ ਕੇ ਜਾਣਾ ਚਾਹੀਦਾ ਹੈ। ਸੱਚੇ ਮਨ ਨਾਲ ਉਸਦਾ ਵਿਚਾਰਨਾ ਕਰਦੇ ਹੋਏ ਜੈਕਾਰਾ ਬੋਲਣਾ ਚਾਹੀਦਾ ਹੈ।

Download All Chalisa, Aarti, Vrat Katha in Punjabi, Hindi, English Language.
www. HaritiBhakti .Com
